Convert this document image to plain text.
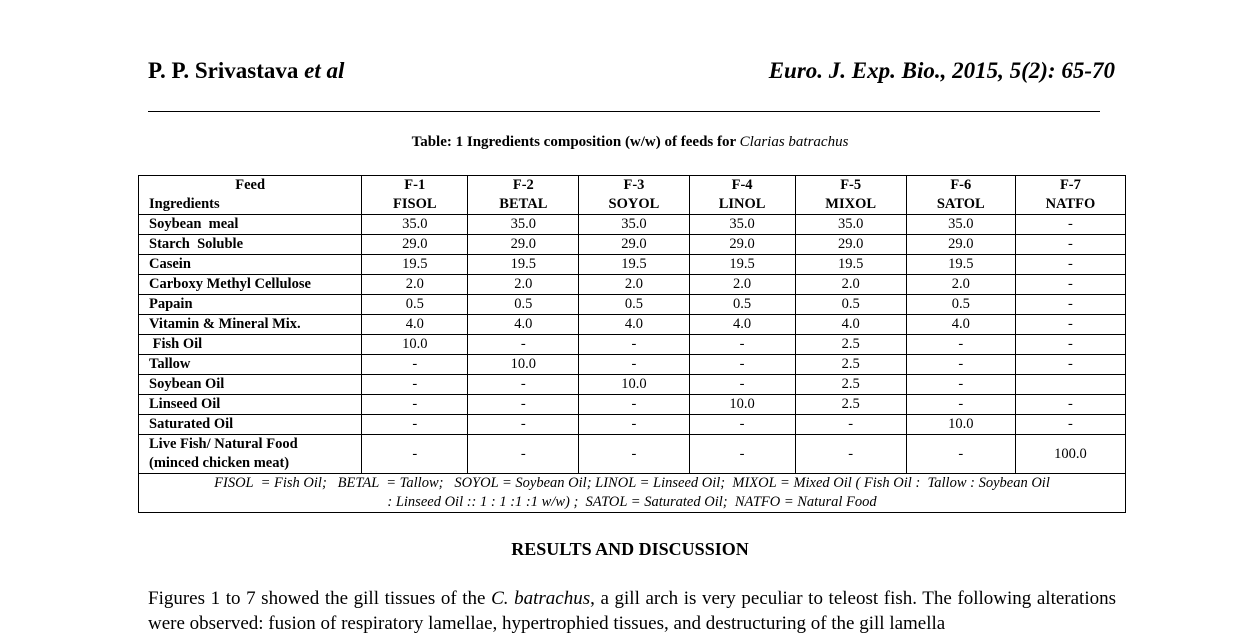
P. P. Srivastava et al	Euro. J. Exp. Bio., 2015, 5(2): 65-70
Table: 1 Ingredients composition (w/w) of feeds for Clarias batrachus
Feed	F-1	F-2	F-3	F-4	F-5	F-6	F-7
Ingredients	FISOL	BETAL	SOYOL	LINOL	MIXOL	SATOL	NATFO
Soybean  meal	35.0	35.0	35.0	35.0	35.0	35.0	-
Starch  Soluble	29.0	29.0	29.0	29.0	29.0	29.0	-
Casein	19.5	19.5	19.5	19.5	19.5	19.5	-
Carboxy Methyl Cellulose	2.0	2.0	2.0	2.0	2.0	2.0	-
Papain	0.5	0.5	0.5	0.5	0.5	0.5	-
Vitamin & Mineral Mix.	4.0	4.0	4.0	4.0	4.0	4.0	-
Fish Oil	10.0	-	-	-	2.5	-	-
Tallow	-	10.0	-	-	2.5	-	-
Soybean Oil	-	-	10.0	-	2.5	-	
Linseed Oil	-	-	-	10.0	2.5	-	-
Saturated Oil	-	-	-	-	-	10.0	-

Live Fish/ Natural Food
(minced chicken meat)	-	-	-	-	-	-	100.0

FISOL  = Fish Oil;   BETAL  = Tallow;   SOYOL = Soybean Oil; LINOL = Linseed Oil;  MIXOL = Mixed Oil ( Fish Oil :  Tallow : Soybean Oil
: Linseed Oil :: 1 : 1 :1 :1 w/w) ;  SATOL = Saturated Oil;  NATFO = Natural Food							
RESULTS AND DISCUSSION
Figures 1 to 7 showed the gill tissues of the C. batrachus, a gill arch is very peculiar to teleost fish. The following alterations were observed: fusion of respiratory lamellae, hypertrophied tissues, and destructuring of the gill lamella
